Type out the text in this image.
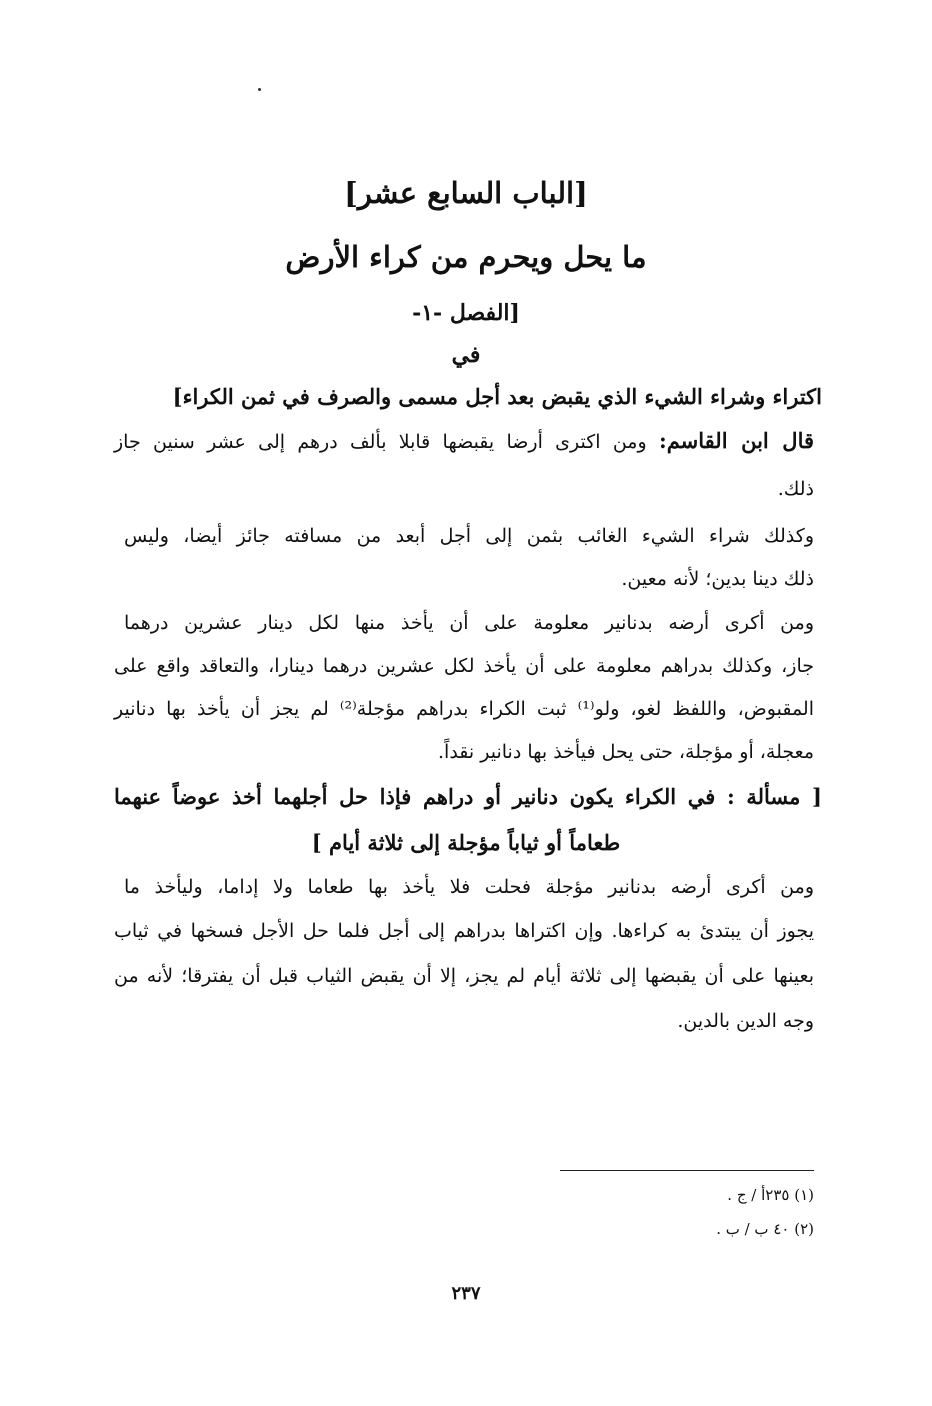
[الباب السابع عشر]
ما يحل ويحرم من كراء الأرض
[الفصل -١-
في
اكتراء وشراء الشيء الذي يقبض بعد أجل مسمى والصرف في ثمن الكراء]
قال ابن القاسم: ومن اكترى أرضا يقبضها قابلا بألف درهم إلى عشر سنين جاز
ذلك.
وكذلك شراء الشيء الغائب بثمن إلى أجل أبعد من مسافته جائز أيضا، وليس
ذلك دينا بدين؛ لأنه معين.
ومن أكرى أرضه بدنانير معلومة على أن يأخذ منها لكل دينار عشرين درهما
جاز، وكذلك بدراهم معلومة على أن يأخذ لكل عشرين درهما دينارا، والتعاقد واقع على
المقبوض، واللفظ لغو، ولو⁽¹⁾ ثبت الكراء بدراهم مؤجلة⁽²⁾ لم يجز أن يأخذ بها دنانير
معجلة، أو مؤجلة، حتى يحل فيأخذ بها دنانير نقداً.
[ مسألة : في الكراء يكون دنانير أو دراهم فإذا حل أجلهما أخذ عوضاً عنهما
طعاماً أو ثياباً مؤجلة إلى ثلاثة أيام ]
ومن أكرى أرضه بدنانير مؤجلة فحلت فلا يأخذ بها طعاما ولا إداما، وليأخذ ما
يجوز أن يبتدئ به كراءها. وإن اكتراها بدراهم إلى أجل فلما حل الأجل فسخها في ثياب
بعينها على أن يقبضها إلى ثلاثة أيام لم يجز، إلا أن يقبض الثياب قبل أن يفترقا؛ لأنه من
وجه الدين بالدين.
(١) ٢٣٥أ / ج .
(٢) ٤٠ ب / ب .
٢٣٧
